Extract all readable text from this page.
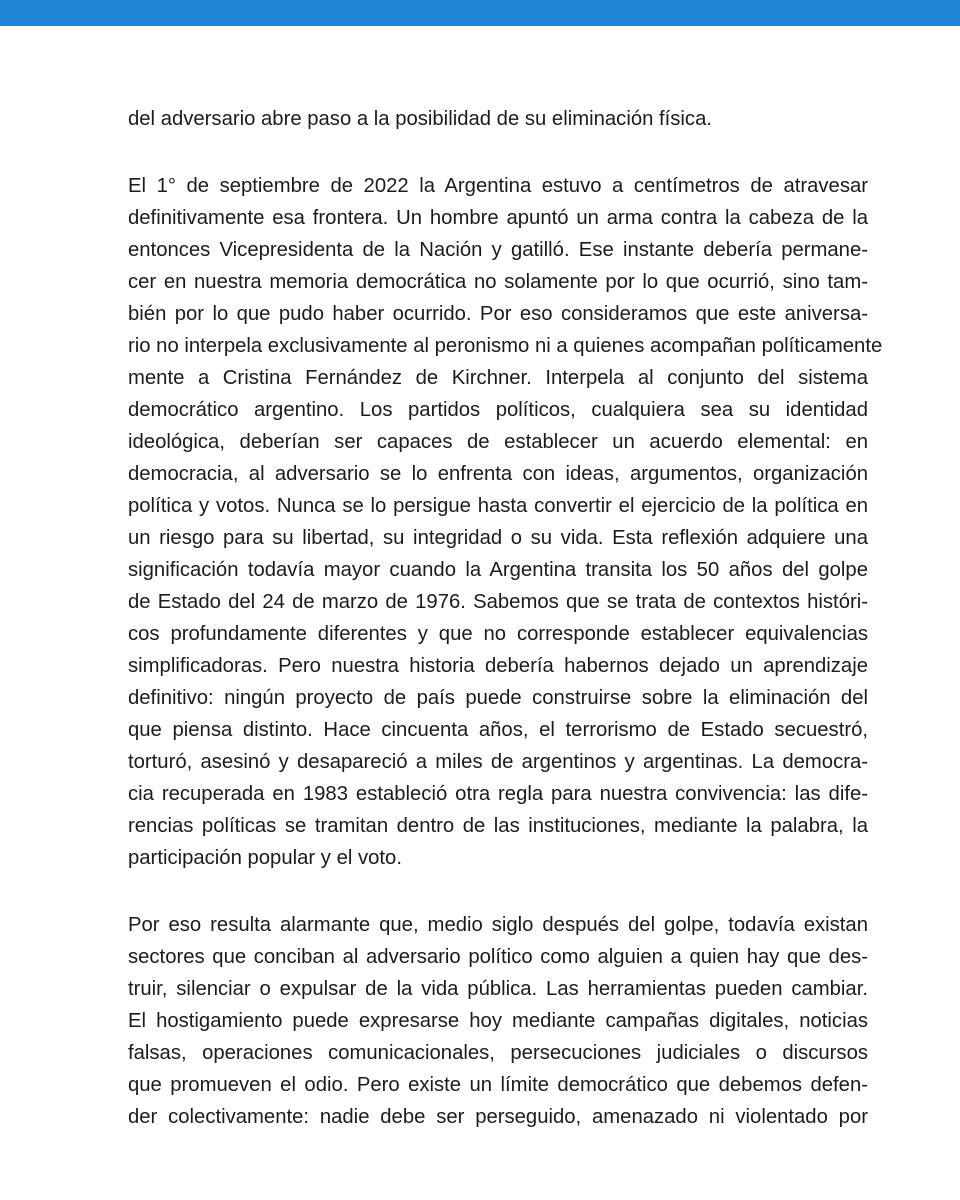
del adversario abre paso a la posibilidad de su eliminación física.
El 1° de septiembre de 2022 la Argentina estuvo a centímetros de atravesar
definitivamente esa frontera. Un hombre apuntó un arma contra la cabeza de la
entonces Vicepresidenta de la Nación y gatilló. Ese instante debería permane-
cer en nuestra memoria democrática no solamente por lo que ocurrió, sino tam-
bién por lo que pudo haber ocurrido. Por eso consideramos que este aniversa-
rio no interpela exclusivamente al peronismo ni a quienes acompañan políticamente
mente a Cristina Fernández de Kirchner. Interpela al conjunto del sistema
democrático argentino. Los partidos políticos, cualquiera sea su identidad
ideológica, deberían ser capaces de establecer un acuerdo elemental: en
democracia, al adversario se lo enfrenta con ideas, argumentos, organización
política y votos. Nunca se lo persigue hasta convertir el ejercicio de la política en
un riesgo para su libertad, su integridad o su vida. Esta reflexión adquiere una
significación todavía mayor cuando la Argentina transita los 50 años del golpe
de Estado del 24 de marzo de 1976. Sabemos que se trata de contextos históri-
cos profundamente diferentes y que no corresponde establecer equivalencias
simplificadoras. Pero nuestra historia debería habernos dejado un aprendizaje
definitivo: ningún proyecto de país puede construirse sobre la eliminación del
que piensa distinto. Hace cincuenta años, el terrorismo de Estado secuestró,
torturó, asesinó y desapareció a miles de argentinos y argentinas. La democra-
cia recuperada en 1983 estableció otra regla para nuestra convivencia: las dife-
rencias políticas se tramitan dentro de las instituciones, mediante la palabra, la
participación popular y el voto.
Por eso resulta alarmante que, medio siglo después del golpe, todavía existan
sectores que conciban al adversario político como alguien a quien hay que des-
truir, silenciar o expulsar de la vida pública. Las herramientas pueden cambiar.
El hostigamiento puede expresarse hoy mediante campañas digitales, noticias
falsas, operaciones comunicacionales, persecuciones judiciales o discursos
que promueven el odio. Pero existe un límite democrático que debemos defen-
der colectivamente: nadie debe ser perseguido, amenazado ni violentado por
